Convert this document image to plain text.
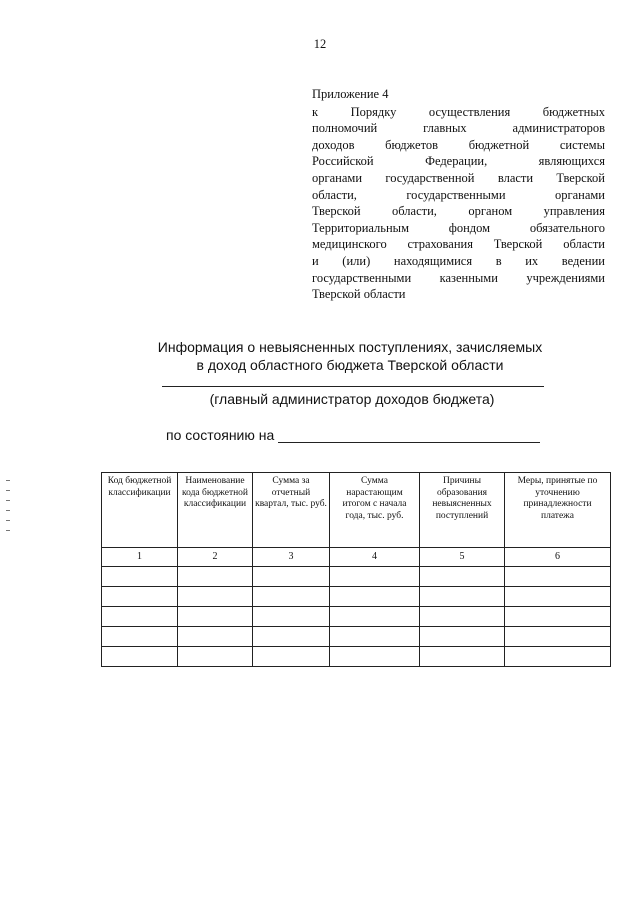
12
Приложение 4
к Порядку осуществления бюджетных
полномочий главных администраторов
доходов бюджетов бюджетной системы
Российской Федерации, являющихся
органами государственной власти Тверской
области, государственными органами
Тверской области, органом управления
Территориальным фондом обязательного
медицинского страхования Тверской области
и (или) находящимися в их ведении
государственными казенными учреждениями
Тверской области
Информация о невыясненных поступлениях, зачисляемых
в доход областного бюджета Тверской области
(главный администратор доходов бюджета)
по состоянию на
Код бюджетной классификации	Наименование кода бюджетной классификации	Сумма за отчетный квартал, тыс. руб.	Сумма нарастающим итогом с начала года, тыс. руб.	Причины образования невыясненных поступлений	Меры, принятые по уточнению принадлежности платежа
1	2	3	4	5	6
